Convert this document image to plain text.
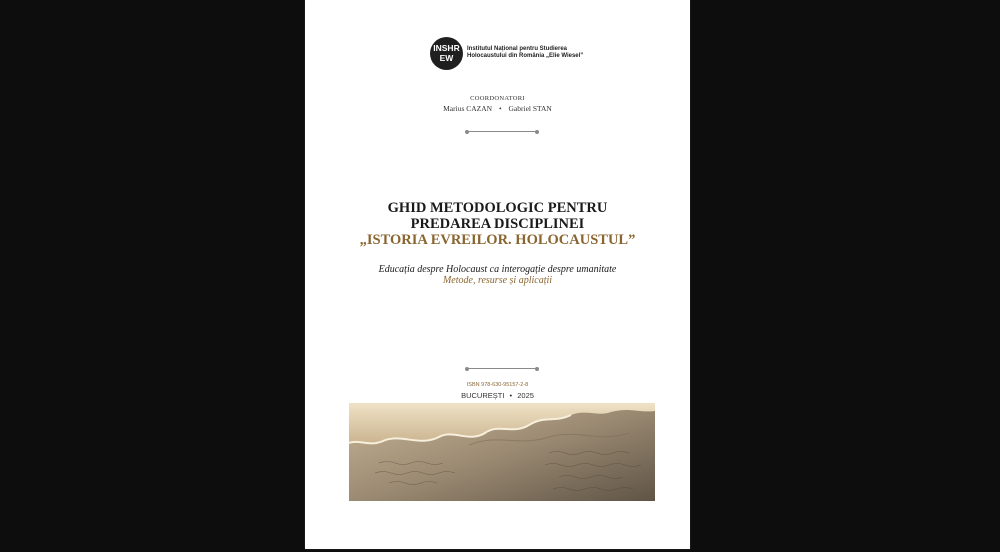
INSHR
EW
Institutul Național pentru Studierea
Holocaustului din România „Elie Wiesel”
COORDONATORI
Marius CAZAN • Gabriel STAN
GHID METODOLOGIC PENTRU
PREDAREA DISCIPLINEI
„ISTORIA EVREILOR. HOLOCAUSTUL”
Educația despre Holocaust ca interogație despre umanitate
Metode, resurse și aplicații
ISBN 978-630-95157-2-8
BUCUREȘTI • 2025
